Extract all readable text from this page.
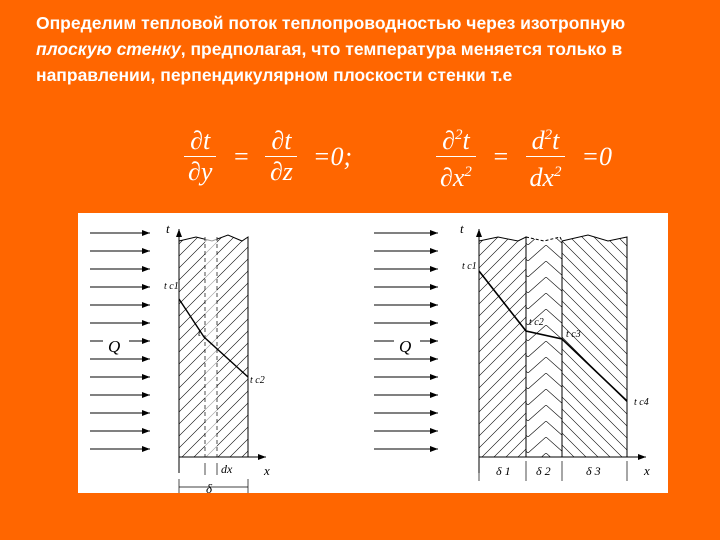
Определим тепловой поток теплопроводностью через изотропную плоскую стенку, предполагая, что температура меняется только в направлении, перпендикулярном плоскости стенки т.е
$\frac{\partial t}{\partial y} = \frac{\partial t}{\partial z} =0$;	$\frac{\partial^2t}{\partial x^2} = \frac{d^2t}{dx^2} =0$
Q
t
x
t c1
t
t c2
dx
δ
Q
t
x
t c1
t c2
t c3
t c4
δ 1 δ 2	δ 3
